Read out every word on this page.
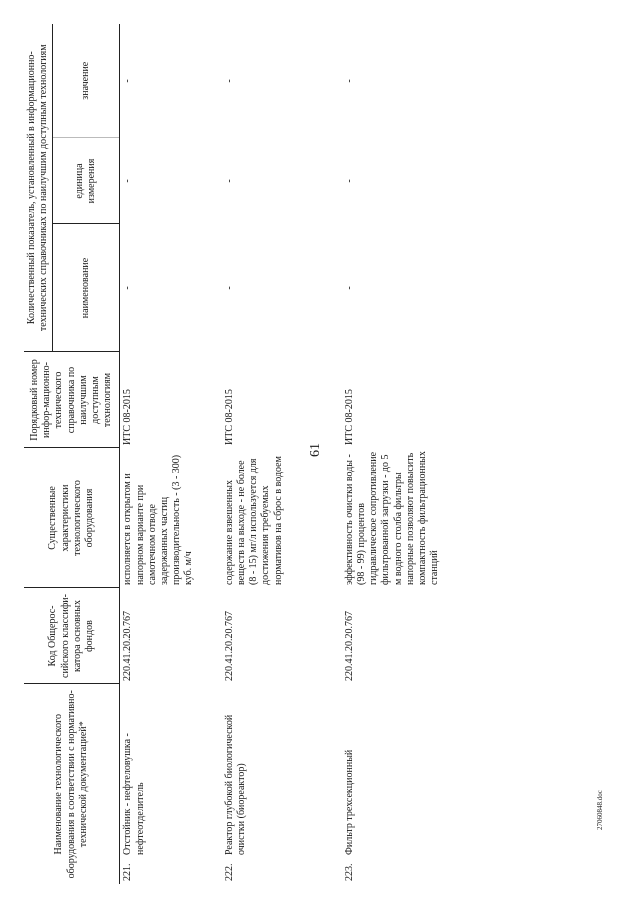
61
27060848.doc
Наименование технологического оборудования в соответствии с нормативно-технической документацией*	Код Общерос-сийского классифи-катора основных фондов	Существенные характеристики технологического оборудования	Порядковый номер инфор-мационно-технического справочника по наилучшим доступным технологиям	Количественный показатель, установленный в информационно-технических справочниках по наилучшим доступным технологиям		
				наименование	единица измерения	значение

221.
Отстойник - нефтеловушка - нефтеотделитель	220.41.20.20.767	исполняется в открытом и напорном варианте при самотечном отводе задержанных частиц производительность - (3 - 300) куб. м/ч	ИТС 08-2015	-	-	-

222.
Реактор глубокой биологической очистки (биореактор)	220.41.20.20.767	содержание взвешенных веществ на выходе - не более (8 - 15) мг/л используется для достижения требуемых нормативов на сброс в водоем	ИТС 08-2015	-	-	-

223.
Фильтр трехсекционный	220.41.20.20.767	эффективность очистки воды - (98 - 99) процентов гидравлическое сопротивление фильтрованной загрузки - до 5 м водного столба фильтры напорные позволяют повысить компактность фильтрационных станций	ИТС 08-2015	-	-	-
